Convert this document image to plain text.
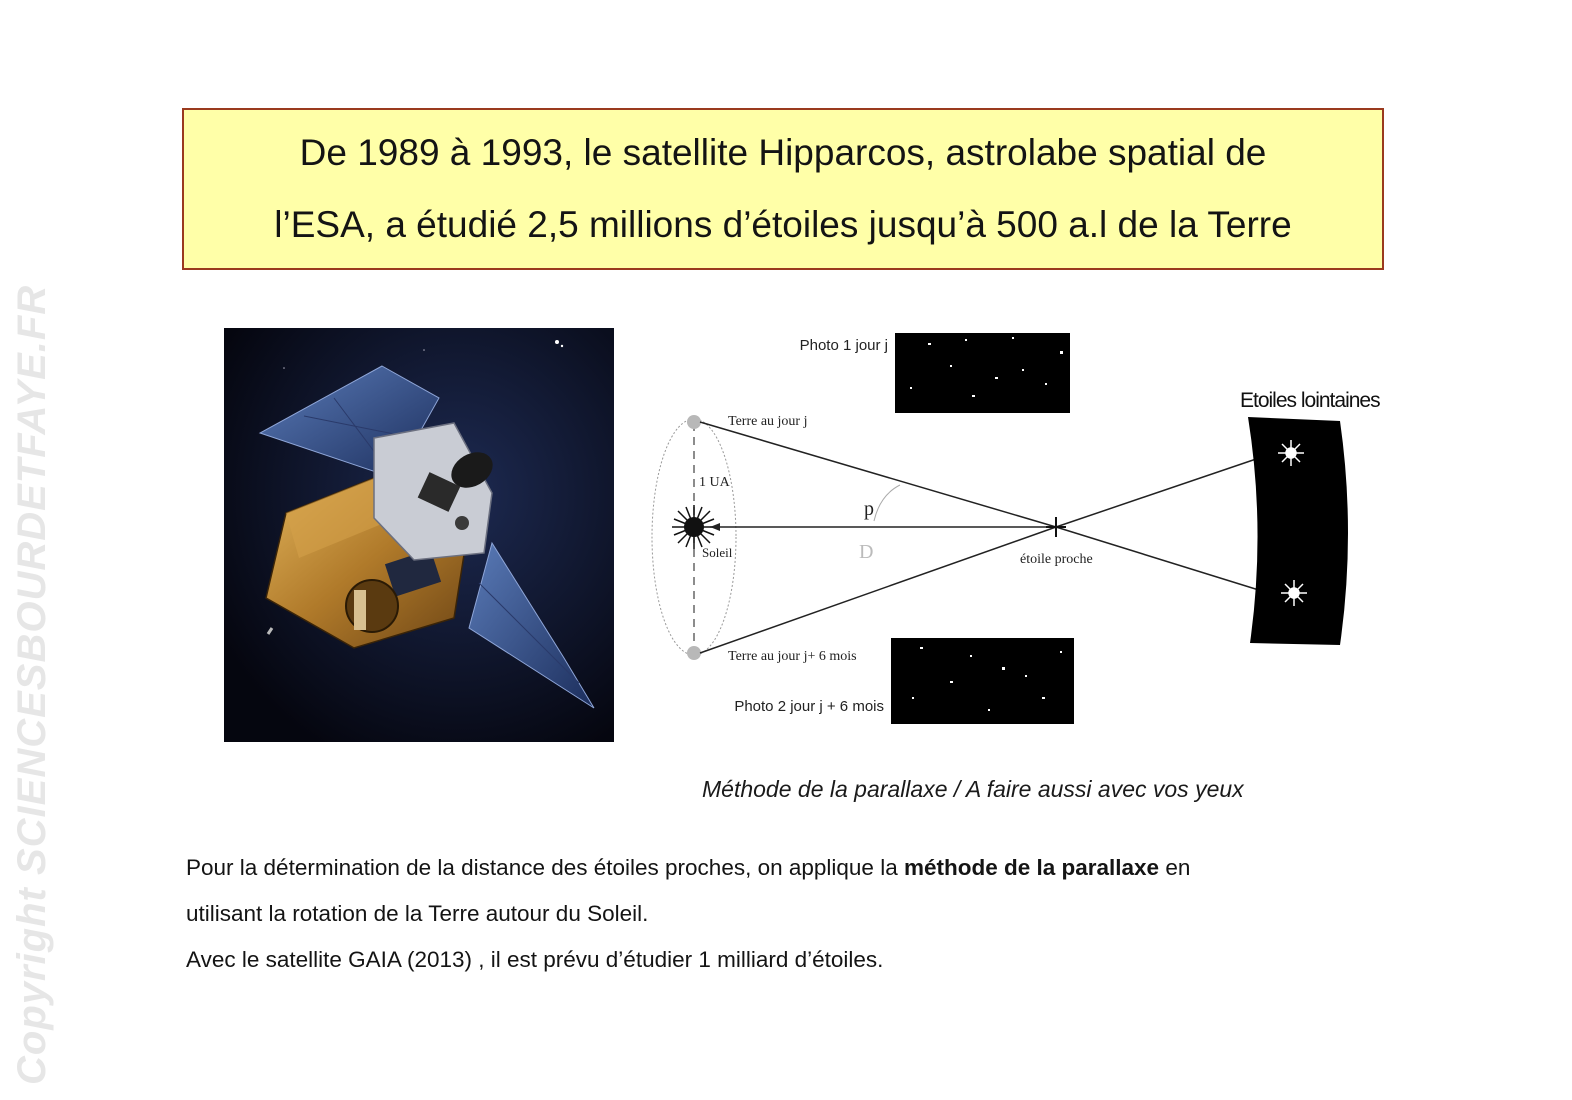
Copyright SCIENCESBOURDETFAYE.FR
De 1989 à 1993, le satellite Hipparcos, astrolabe spatial de
l’ESA, a étudié 2,5 millions d’étoiles jusqu’à 500 a.l de la Terre
Photo 1 jour j
Photo 2 jour j + 6 mois
Terre au jour j
Terre au jour j+ 6 mois
1 UA
Soleil
p
D	étoile proche
Etoiles lointaines
Méthode de la parallaxe / A faire aussi avec vos yeux
Pour la détermination de la distance des étoiles proches, on applique la méthode de la parallaxe en
utilisant la rotation de la Terre autour du Soleil.
Avec le satellite GAIA (2013) , il est prévu d’étudier 1 milliard d’étoiles.
